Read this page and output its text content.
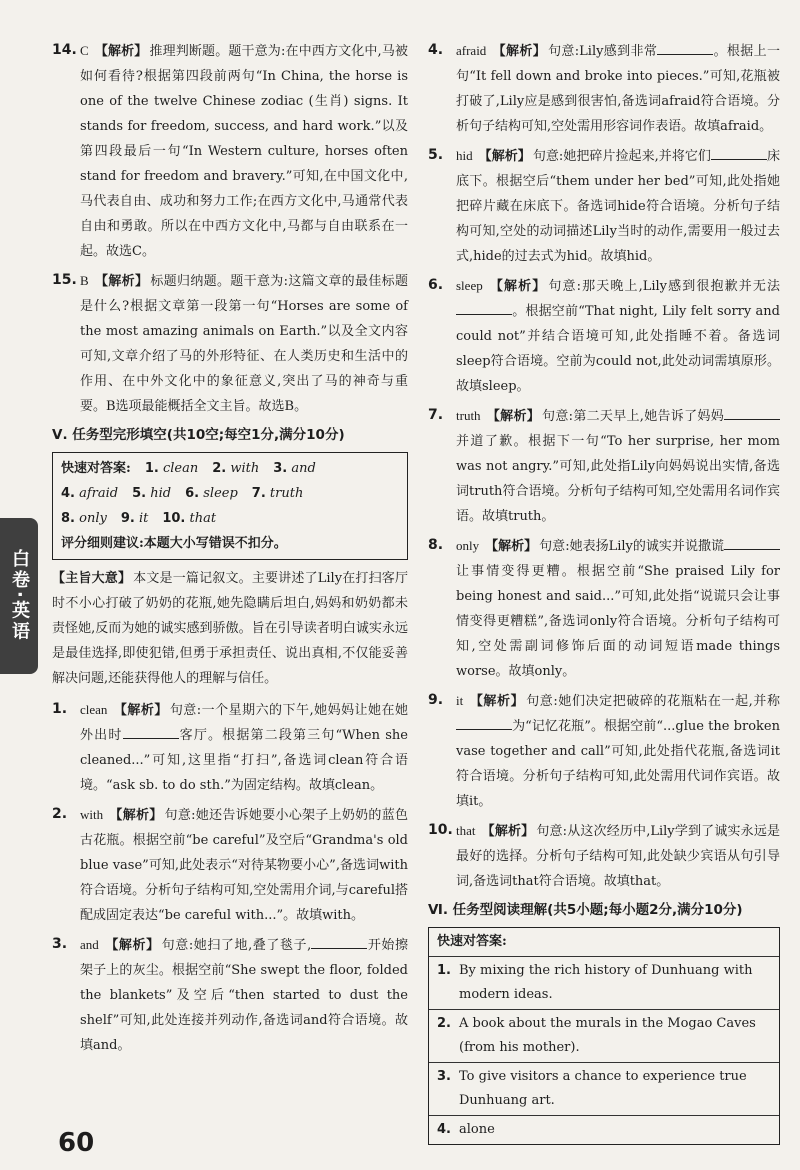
白卷·英语
14. C 【解析】 推理判断题。题干意为:在中西方文化中,马被如何看待?根据第四段前两句“In China, the horse is one of the twelve Chinese zodiac (生肖) signs. It stands for freedom, success, and hard work.”以及第四段最后一句“In Western culture, horses often stand for freedom and bravery.”可知,在中国文化中,马代表自由、成功和努力工作;在西方文化中,马通常代表自由和勇敢。所以在中西方文化中,马都与自由联系在一起。故选C。
15. B 【解析】 标题归纳题。题干意为:这篇文章的最佳标题是什么?根据文章第一段第一句“Horses are some of the most amazing animals on Earth.”以及全文内容可知,文章介绍了马的外形特征、在人类历史和生活中的作用、在中外文化中的象征意义,突出了马的神奇与重要。B选项最能概括全文主旨。故选B。
Ⅴ. 任务型完形填空(共10空;每空1分,满分10分)
快速对答案: 1. clean 2. with 3. and
4. afraid 5. hid 6. sleep 7. truth
8. only 9. it 10. that
评分细则建议:本题大小写错误不扣分。
【主旨大意】 本文是一篇记叙文。主要讲述了Lily在打扫客厅时不小心打破了奶奶的花瓶,她先隐瞒后坦白,妈妈和奶奶都未责怪她,反而为她的诚实感到骄傲。旨在引导读者明白诚实永远是最佳选择,即使犯错,但勇于承担责任、说出真相,不仅能妥善解决问题,还能获得他人的理解与信任。
1. clean 【解析】 句意:一个星期六的下午,她妈妈让她在她外出时	客厅。根据第二段第三句“When she cleaned...”可知,这里指“打扫”,备选词clean符合语境。“ask sb. to do sth.”为固定结构。故填clean。
2. with 【解析】 句意:她还告诉她要小心架子上奶奶的蓝色古花瓶。根据空前“be careful”及空后“Grandma's old blue vase”可知,此处表示“对待某物要小心”,备选词with符合语境。分析句子结构可知,空处需用介词,与careful搭配成固定表达“be careful with...”。故填with。
3. and 【解析】 句意:她扫了地,叠了毯子,	开始擦架子上的灰尘。根据空前“She swept the floor, folded the blankets”及空后“then started to dust the shelf”可知,此处连接并列动作,备选词and符合语境。故填and。
4. afraid 【解析】 句意:Lily感到非常	。根据上一句“It fell down and broke into pieces.”可知,花瓶被打破了,Lily应是感到很害怕,备选词afraid符合语境。分析句子结构可知,空处需用形容词作表语。故填afraid。
5. hid 【解析】 句意:她把碎片捡起来,并将它们	床底下。根据空后“them under her bed”可知,此处指她把碎片藏在床底下。备选词hide符合语境。分析句子结构可知,空处的动词描述Lily当时的动作,需要用一般过去式,hide的过去式为hid。故填hid。
6. sleep 【解析】 句意:那天晚上,Lily感到很抱歉并无法。根据空前“That night, Lily felt sorry and could not”并结合语境可知,此处指睡不着。备选词sleep符合语境。空前为could not,此处动词需填原形。故填sleep。
7. truth 【解析】 句意:第二天早上,她告诉了妈妈并道了歉。根据下一句“To her surprise, her mom was not angry.”可知,此处指Lily向妈妈说出实情,备选词truth符合语境。分析句子结构可知,空处需用名词作宾语。故填truth。
8. only 【解析】 句意:她表扬Lily的诚实并说撒谎让事情变得更糟。根据空前“She praised Lily for being honest and said...”可知,此处指“说谎只会让事情变得更糟糕”,备选词only符合语境。分析句子结构可知,空处需副词修饰后面的动词短语made things worse。故填only。
9. it 【解析】 句意:她们决定把破碎的花瓶粘在一起,并称为“记忆花瓶”。根据空前“...glue the broken vase together and call”可知,此处指代花瓶,备选词it符合语境。分析句子结构可知,此处需用代词作宾语。故填it。
10. that 【解析】 句意:从这次经历中,Lily学到了诚实永远是最好的选择。分析句子结构可知,此处缺少宾语从句引导词,备选词that符合语境。故填that。
Ⅵ. 任务型阅读理解(共5小题;每小题2分,满分10分)
快速对答案:
1. By mixing the rich history of Dunhuang with modern ideas.
2. A book about the murals in the Mogao Caves (from his mother).
3. To give visitors a chance to experience true Dunhuang art.
4. alone
60
